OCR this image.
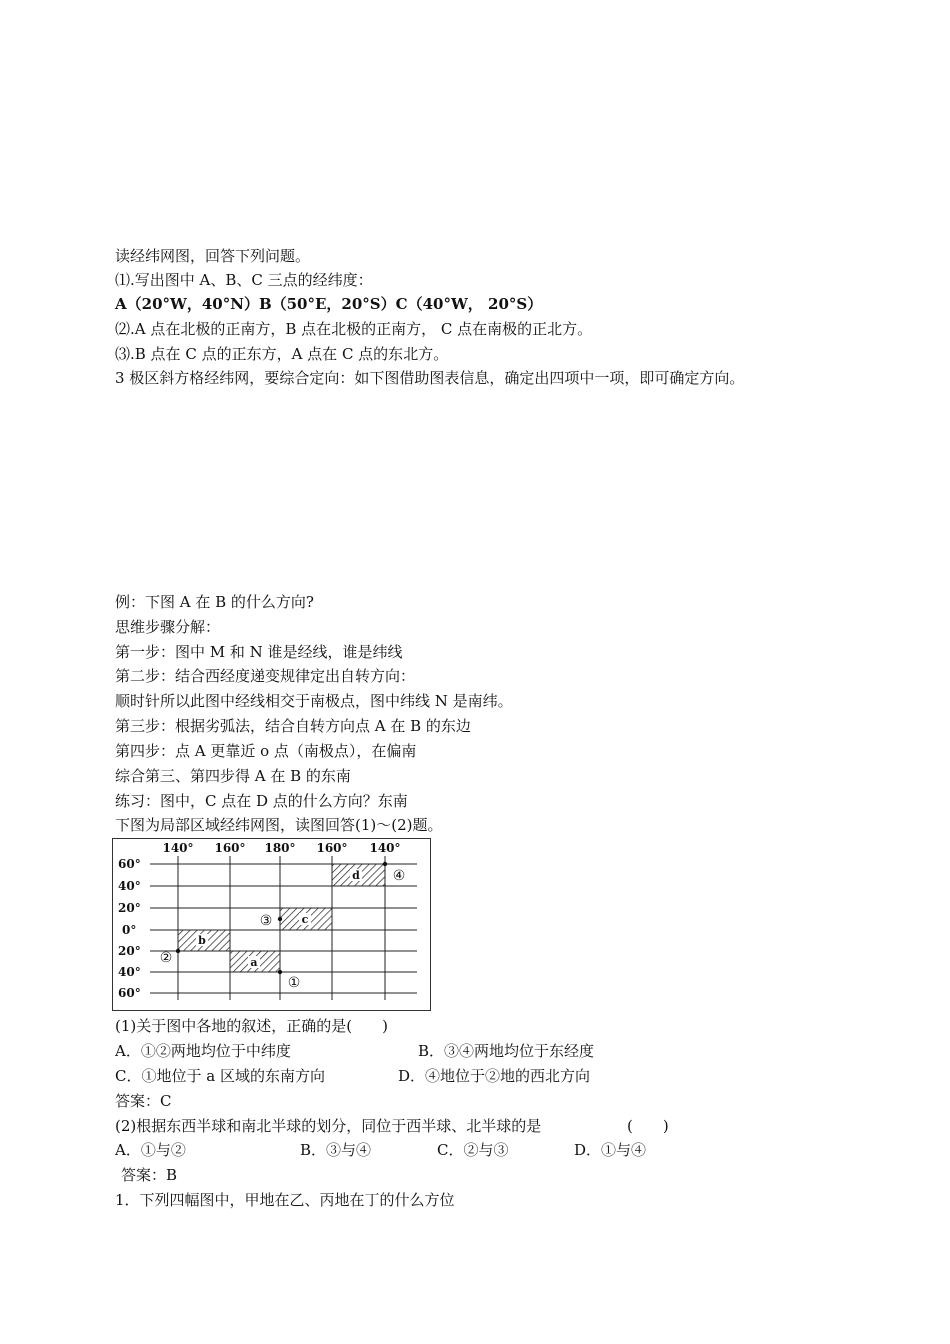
读经纬网图，回答下列问题。
⑴.写出图中 A、B、C 三点的经纬度：
A（20°W，40°N）B（50°E，20°S）C（40°W， 20°S）
⑵.A 点在北极的正南方，B 点在北极的正南方， C 点在南极的正北方。
⑶.B 点在 C 点的正东方，A 点在 C 点的东北方。
3 极区斜方格经纬网，要综合定向：如下图借助图表信息，确定出四项中一项，即可确定方向。
例：下图 A 在 B 的什么方向?
思维步骤分解：
第一步：图中 M 和 N 谁是经线，谁是纬线
第二步：结合西经度递变规律定出自转方向：
顺时针所以此图中经线相交于南极点，图中纬线 N 是南纬。
第三步：根据劣弧法，结合自转方向点 A 在 B 的东边
第四步：点 A 更靠近 o 点（南极点），在偏南
综合第三、第四步得 A 在 B 的东南
练习：图中，C 点在 D 点的什么方向？东南
下图为局部区域经纬网图，读图回答(1)～(2)题。
d
c
b
a
④
③
②
①
140° 160° 180° 160° 140°
60°
40°
20°
0°
20°
40°
60°
(1)关于图中各地的叙述，正确的是(　　)
A．①②两地均位于中纬度	B．③④两地均位于东经度
C．①地位于 a 区域的东南方向	D．④地位于②地的西北方向
答案：C
(2)根据东西半球和南北半球的划分，同位于西半球、北半球的是	(　　)
A．①与②	B．③与④	C．②与③	D．①与④
答案：B
1．下列四幅图中，甲地在乙、丙地在丁的什么方位
